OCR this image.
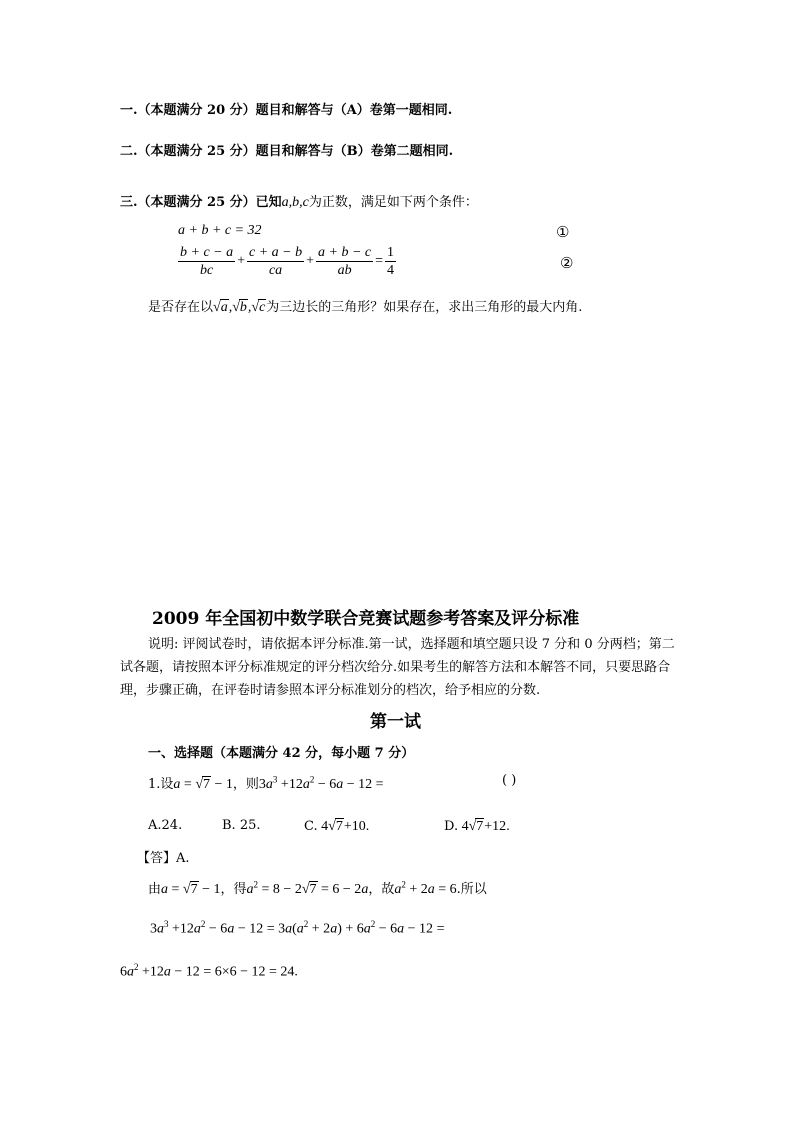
一.（本题满分 20 分）题目和解答与（A）卷第一题相同.
二.（本题满分 25 分）题目和解答与（B）卷第二题相同.
三.（本题满分 25 分）已知a,b,c为正数，满足如下两个条件：
a + b + c = 32	①
$\frac{b + c - a}{bc} + \frac{c + a - b}{ca} + \frac{a + b - c}{ab} = \frac{1}{4}$	②
是否存在以√a,√b,√c为三边长的三角形？如果存在，求出三角形的最大内角.
2009 年全国初中数学联合竞赛试题参考答案及评分标准
说明: 评阅试卷时，请依据本评分标准.第一试，选择题和填空题只设 7 分和 0 分两档；第二试各题，请按照本评分标准规定的评分档次给分.如果考生的解答方法和本解答不同，只要思路合理，步骤正确，在评卷时请参照本评分标准划分的档次，给予相应的分数.
第一试
一、选择题（本题满分 42 分，每小题 7 分）
1.设a = √7 − 1，则$3a^3 +12a^2 - 6a - 12$ =	( )
A.24.	B. 25.	C. 4√7+10.	D. 4√7+12.
【答】A.
由a = √7 − 1，得$a^2 = 8 - 2√7 = 6 - 2a$，故$a^2 + 2a = 6$.所以
$3a^3 +12a^2 - 6a - 12 = 3a(a^2 + 2a) + 6a^2 - 6a - 12$ =
$6a^2 +12a - 12 = 6\times 6 - 12 = 24$.
